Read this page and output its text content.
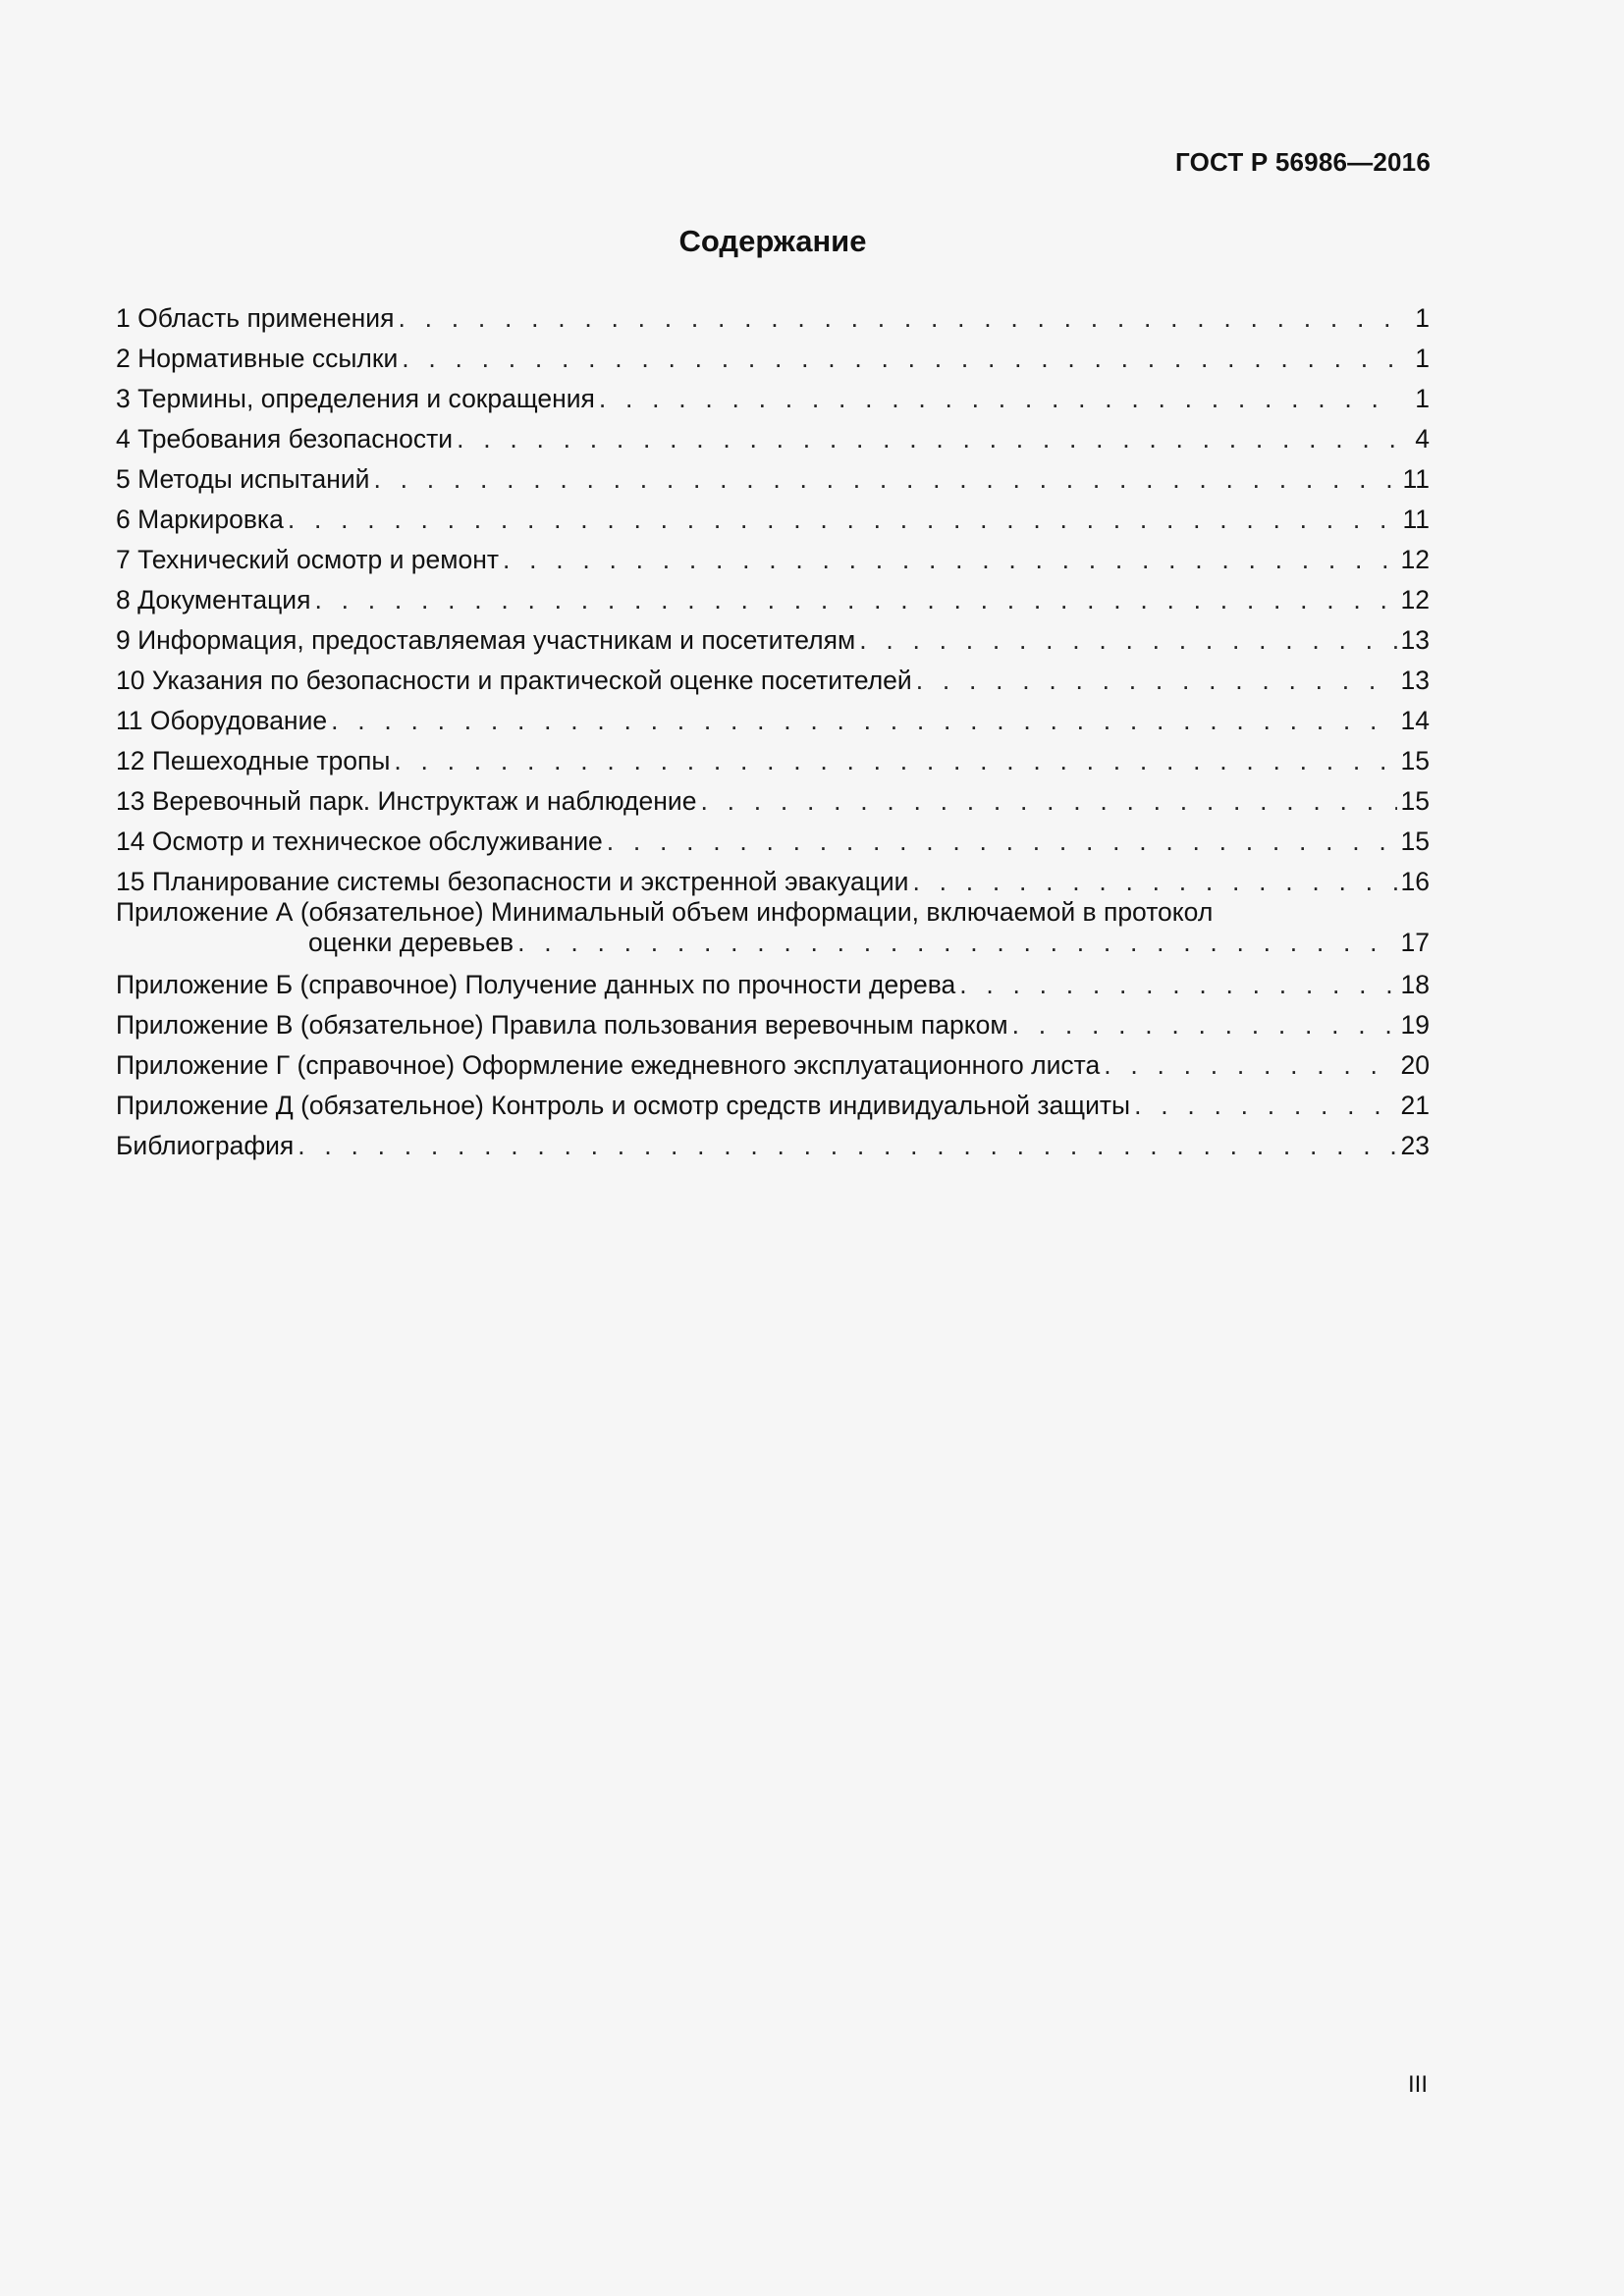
ГОСТ Р 56986—2016
Содержание
1 Область применения . . .	1
2 Нормативные ссылки . . .	1
3 Термины, определения и сокращения . . .	1
4 Требования безопасности . . .	4
5 Методы испытаний . . .	11
6 Маркировка . . .	11
7 Технический осмотр и ремонт . . .	12
8 Документация . . .	12
9 Информация, предоставляемая участникам и посетителям . . .	13
10 Указания по безопасности и практической оценке посетителей . . .	13
11 Оборудование . . .	14
12 Пешеходные тропы . . .	15
13 Веревочный парк. Инструктаж и наблюдение . . .	15
14 Осмотр и техническое обслуживание . . .	15
15 Планирование системы безопасности и экстренной эвакуации . . .	16
Приложение А (обязательное) Минимальный объем информации, включаемой в протокол
оценки деревьев . . .	17
Приложение Б (справочное) Получение данных по прочности дерева . . .	18
Приложение В (обязательное) Правила пользования веревочным парком . . .	19
Приложение Г (справочное) Оформление ежедневного эксплуатационного листа . . .	20
Приложение Д (обязательное) Контроль и осмотр средств индивидуальной защиты . . .	21
Библиография . . .	23
III
